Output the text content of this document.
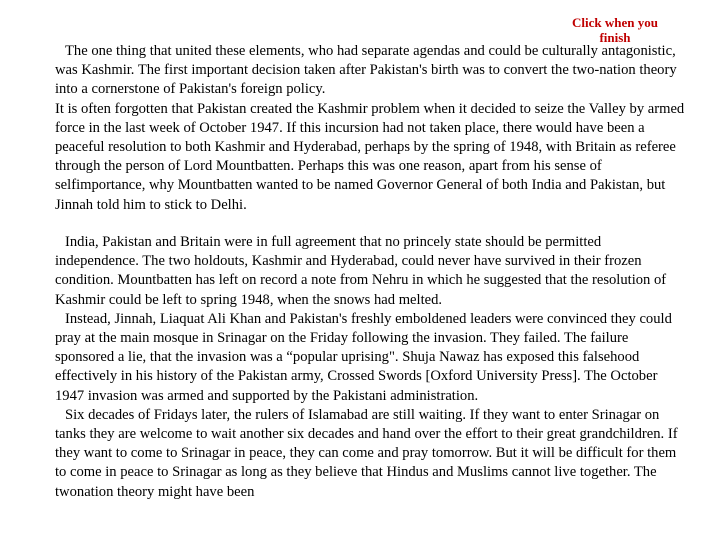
Click when you finish

The one thing that united these elements, who had separate agendas and could be culturally antagonistic, was Kashmir. The first important decision taken after Pakistan's birth was to convert the two-nation theory into a cornerstone of Pakistan's foreign policy.

It is often forgotten that Pakistan created the Kashmir problem when it decided to seize the Valley by armed force in the last week of October 1947. If this incursion had not taken place, there would have been a peaceful resolution to both Kashmir and Hyderabad, perhaps by the spring of 1948, with Britain as referee through the person of Lord Mountbatten. Perhaps this was one reason, apart from his sense of selfimportance, why Mountbatten wanted to be named Governor General of both India and Pakistan, but Jinnah told him to stick to Delhi.

India, Pakistan and Britain were in full agreement that no princely state should be permitted independence. The two holdouts, Kashmir and Hyderabad, could never have survived in their frozen condition. Mountbatten has left on record a note from Nehru in which he suggested that the resolution of Kashmir could be left to spring 1948, when the snows had melted.

Instead, Jinnah, Liaquat Ali Khan and Pakistan's freshly emboldened leaders were convinced they could pray at the main mosque in Srinagar on the Friday following the invasion. They failed. The failure sponsored a lie, that the invasion was a “popular uprising". Shuja Nawaz has exposed this falsehood effectively in his history of the Pakistan army, Crossed Swords [Oxford University Press]. The October 1947 invasion was armed and supported by the Pakistani administration.

Six decades of Fridays later, the rulers of Islamabad are still waiting. If they want to enter Srinagar on tanks they are welcome to wait another six decades and hand over the effort to their great grandchildren. If they want to come to Srinagar in peace, they can come and pray tomorrow. But it will be difficult for them to come in peace to Srinagar as long as they believe that Hindus and Muslims cannot live together. The twonation theory might have been
